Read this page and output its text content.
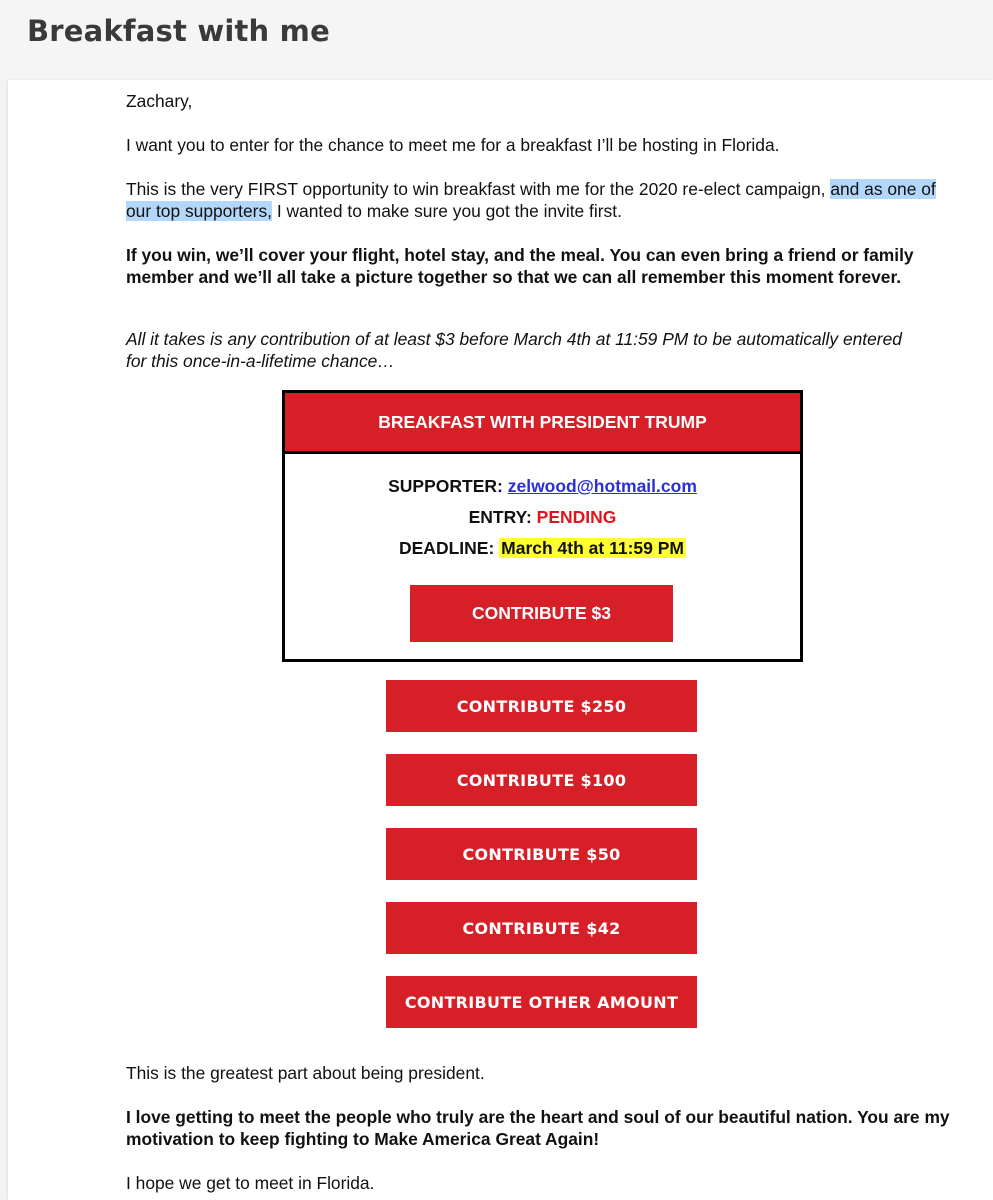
Breakfast with me

Zachary,

I want you to enter for the chance to meet me for a breakfast I’ll be hosting in Florida.

This is the very FIRST opportunity to win breakfast with me for the 2020 re-elect campaign, and as one of our top supporters, I wanted to make sure you got the invite first.

If you win, we’ll cover your flight, hotel stay, and the meal. You can even bring a friend or family member and we’ll all take a picture together so that we can all remember this moment forever.

All it takes is any contribution of at least $3 before March 4th at 11:59 PM to be automatically entered for this once-in-a-lifetime chance…

BREAKFAST WITH PRESIDENT TRUMP
SUPPORTER: zelwood@hotmail.com
ENTRY: PENDING
DEADLINE: March 4th at 11:59 PM
CONTRIBUTE $3
CONTRIBUTE $250
CONTRIBUTE $100
CONTRIBUTE $50
CONTRIBUTE $42
CONTRIBUTE OTHER AMOUNT

This is the greatest part about being president.

I love getting to meet the people who truly are the heart and soul of our beautiful nation. You are my motivation to keep fighting to Make America Great Again!

I hope we get to meet in Florida.
